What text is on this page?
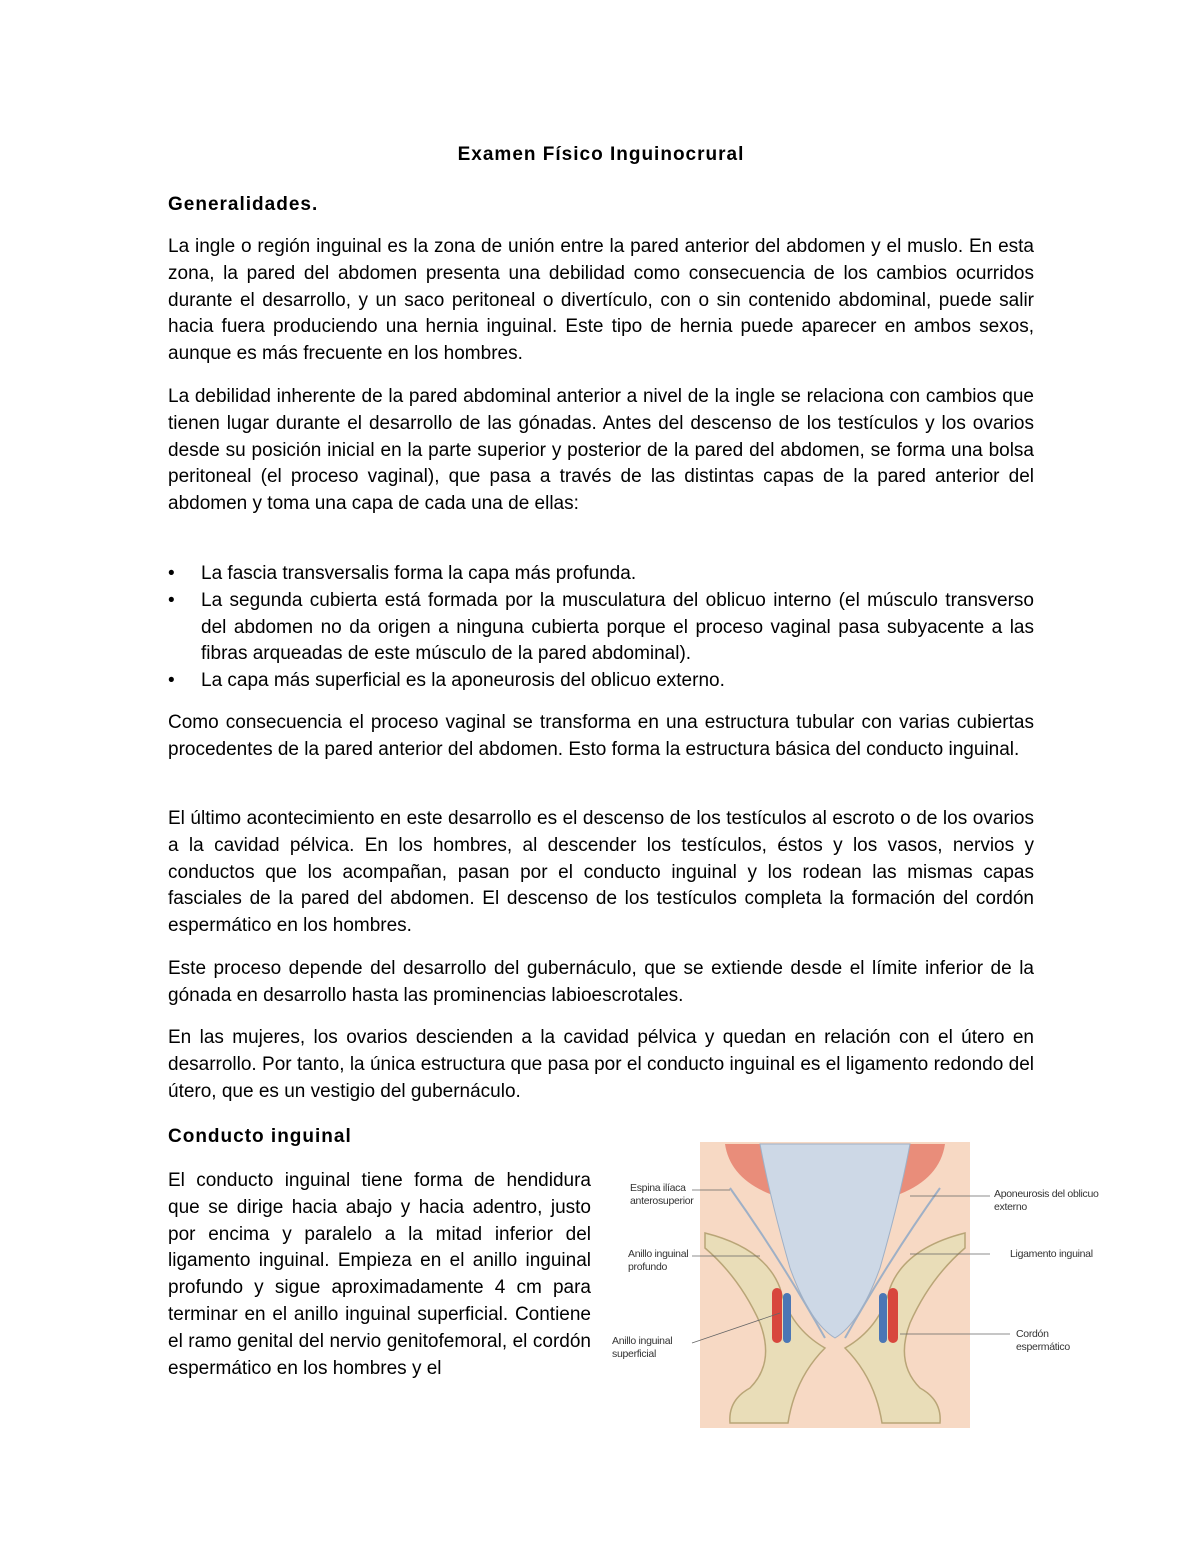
Examen Físico Inguinocrural
Generalidades.

La ingle o región inguinal es la zona de unión entre la pared anterior del abdomen y el muslo. En esta zona, la pared del abdomen presenta una debilidad como consecuencia de los cambios ocurridos durante el desarrollo, y un saco peritoneal o divertículo, con o sin contenido abdominal, puede salir hacia fuera produciendo una hernia inguinal. Este tipo de hernia puede aparecer en ambos sexos, aunque es más frecuente en los hombres.

La debilidad inherente de la pared abdominal anterior a nivel de la ingle se relaciona con cambios que tienen lugar durante el desarrollo de las gónadas. Antes del descenso de los testículos y los ovarios desde su posición inicial en la parte superior y posterior de la pared del abdomen, se forma una bolsa peritoneal (el proceso vaginal), que pasa a través de las distintas capas de la pared anterior del abdomen y toma una capa de cada una de ellas:

•	La fascia transversalis forma la capa más profunda.
•	La segunda cubierta está formada por la musculatura del oblicuo interno (el músculo transverso del abdomen no da origen a ninguna cubierta porque el proceso vaginal pasa subyacente a las fibras arqueadas de este músculo de la pared abdominal).
•	La capa más superficial es la aponeurosis del oblicuo externo.

Como consecuencia el proceso vaginal se transforma en una estructura tubular con varias cubiertas procedentes de la pared anterior del abdomen. Esto forma la estructura básica del conducto inguinal.

El último acontecimiento en este desarrollo es el descenso de los testículos al escroto o de los ovarios a la cavidad pélvica. En los hombres, al descender los testículos, éstos y los vasos, nervios y conductos que los acompañan, pasan por el conducto inguinal y los rodean las mismas capas fasciales de la pared del abdomen. El descenso de los testículos completa la formación del cordón espermático en los hombres.

Este proceso depende del desarrollo del gubernáculo, que se extiende desde el límite inferior de la gónada en desarrollo hasta las prominencias labioescrotales.

En las mujeres, los ovarios descienden a la cavidad pélvica y quedan en relación con el útero en desarrollo. Por tanto, la única estructura que pasa por el conducto inguinal es el ligamento redondo del útero, que es un vestigio del gubernáculo.

Conducto inguinal

El conducto inguinal tiene forma de hendidura que se dirige hacia abajo y hacia adentro, justo por encima y paralelo a la mitad inferior del ligamento inguinal. Empieza en el anillo inguinal profundo y sigue aproximadamente 4 cm para terminar en el anillo inguinal superficial. Contiene el ramo genital del nervio genitofemoral, el cordón espermático en los hombres y el

Espina ilíaca
anterosuperior
Anillo inguinal
profundo
Anillo inguinal
superficial
Aponeurosis del oblicuo
externo
Ligamento inguinal
Cordón espermático
